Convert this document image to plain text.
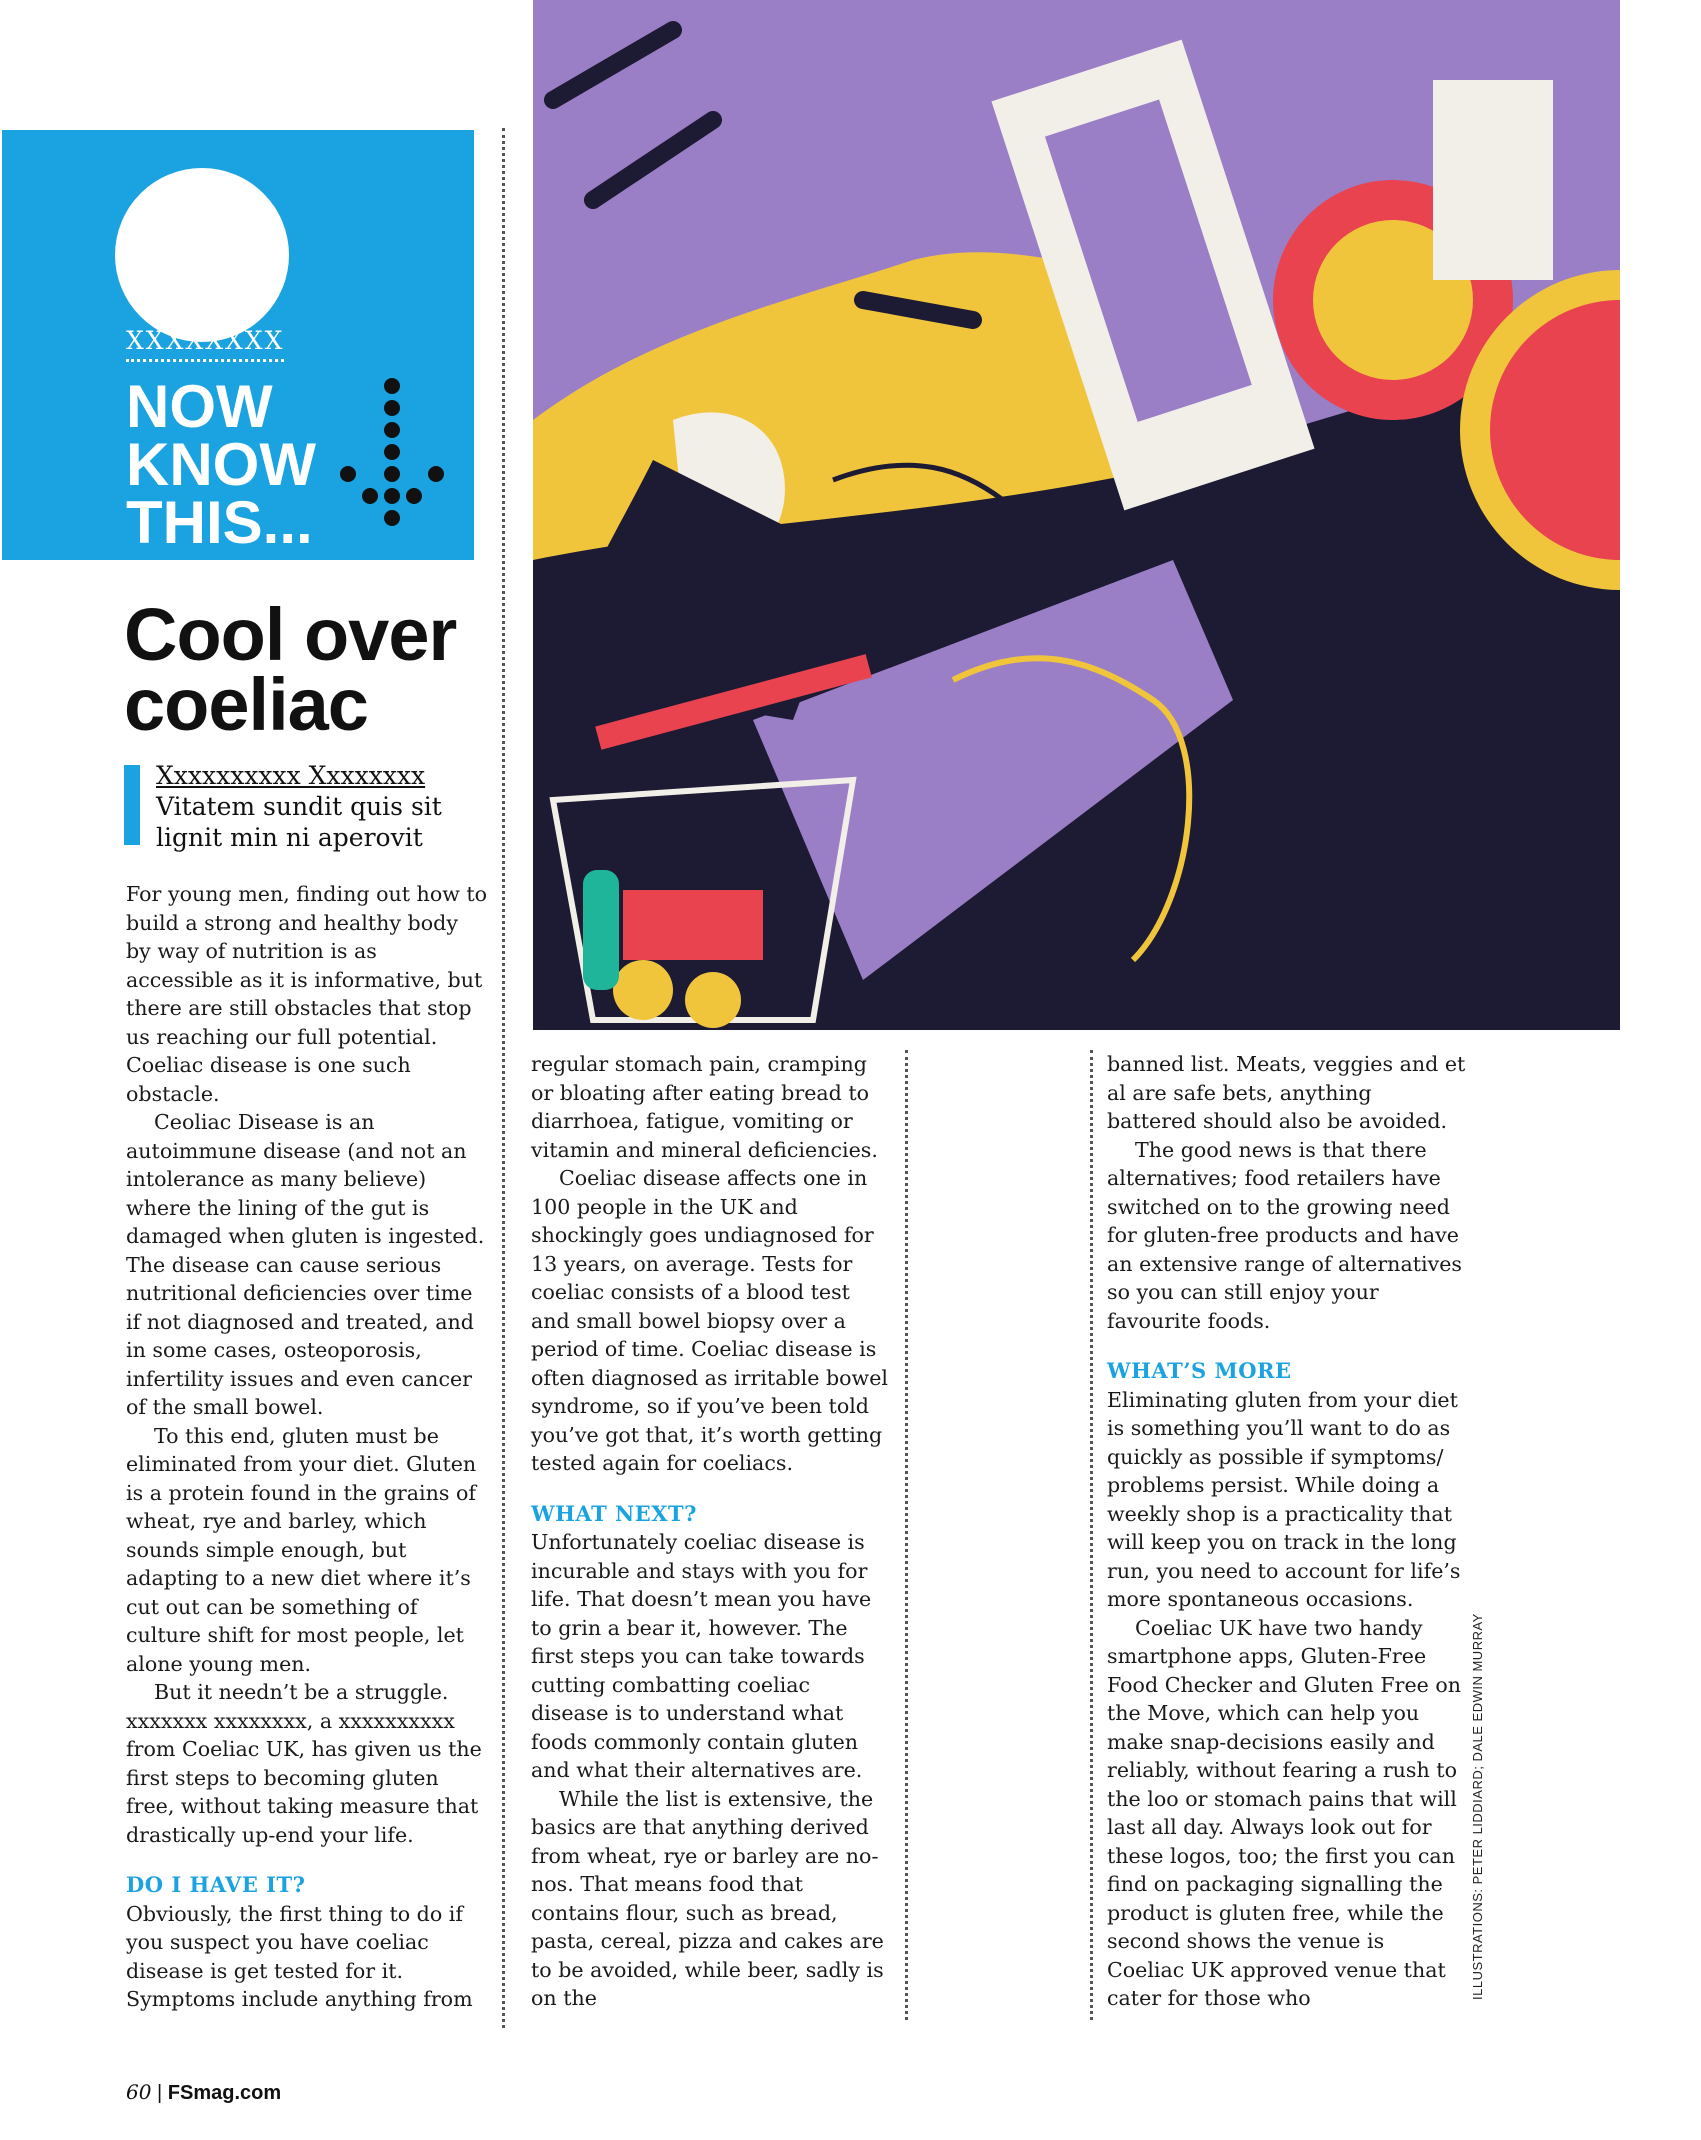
XXXXXXXX
NOW
KNOW
THIS...
Cool over coeliac
Xxxxxxxxxx Xxxxxxxx Vitatem sundit quis sit lignit min ni aperovit

For young men, finding out how to build a strong and healthy body by way of nutrition is as accessible as it is informative, but there are still obstacles that stop us reaching our full potential. Coeliac disease is one such obstacle.

Ceoliac Disease is an autoimmune disease (and not an intolerance as many believe) where the lining of the gut is damaged when gluten is ingested. The disease can cause serious nutritional deficiencies over time if not diagnosed and treated, and in some cases, osteoporosis, infertility issues and even cancer of the small bowel.

To this end, gluten must be eliminated from your diet. Gluten is a protein found in the grains of wheat, rye and barley, which sounds simple enough, but adapting to a new diet where it’s cut out can be something of culture shift for most people, let alone young men.

But it needn’t be a struggle. xxxxxxx xxxxxxxx, a xxxxxxxxxx from Coeliac UK, has given us the first steps to becoming gluten free, without taking measure that drastically up-end your life.

DO I HAVE IT?

Obviously, the first thing to do if you suspect you have coeliac disease is get tested for it. Symptoms include anything from

regular stomach pain, cramping or bloating after eating bread to diarrhoea, fatigue, vomiting or vitamin and mineral deficiencies.

Coeliac disease affects one in 100 people in the UK and shockingly goes undiagnosed for 13 years, on average. Tests for coeliac consists of a blood test and small bowel biopsy over a period of time. Coeliac disease is often diagnosed as irritable bowel syndrome, so if you’ve been told you’ve got that, it’s worth getting tested again for coeliacs.

WHAT NEXT?

Unfortunately coeliac disease is incurable and stays with you for life. That doesn’t mean you have to grin a bear it, however. The first steps you can take towards cutting combatting coeliac disease is to understand what foods commonly contain gluten and what their alternatives are.

While the list is extensive, the basics are that anything derived from wheat, rye or barley are no-nos. That means food that contains flour, such as bread, pasta, cereal, pizza and cakes are to be avoided, while beer, sadly is on the

banned list. Meats, veggies and et al are safe bets, anything battered should also be avoided.

The good news is that there alternatives; food retailers have switched on to the growing need for gluten-free products and have an extensive range of alternatives so you can still enjoy your favourite foods.

WHAT’S MORE

Eliminating gluten from your diet is something you’ll want to do as quickly as possible if symptoms/ problems persist. While doing a weekly shop is a practicality that will keep you on track in the long run, you need to account for life’s more spontaneous occasions.

Coeliac UK have two handy smartphone apps, Gluten-Free Food Checker and Gluten Free on the Move, which can help you make snap-decisions easily and reliably, without fearing a rush to the loo or stomach pains that will last all day. Always look out for these logos, too; the first you can find on packaging signalling the product is gluten free, while the second shows the venue is Coeliac UK approved venue that cater for those who	ILLUSTRATIONS: PETER LIDDIARD; DALE EDWIN MURRAY
60 | FSmag.com
